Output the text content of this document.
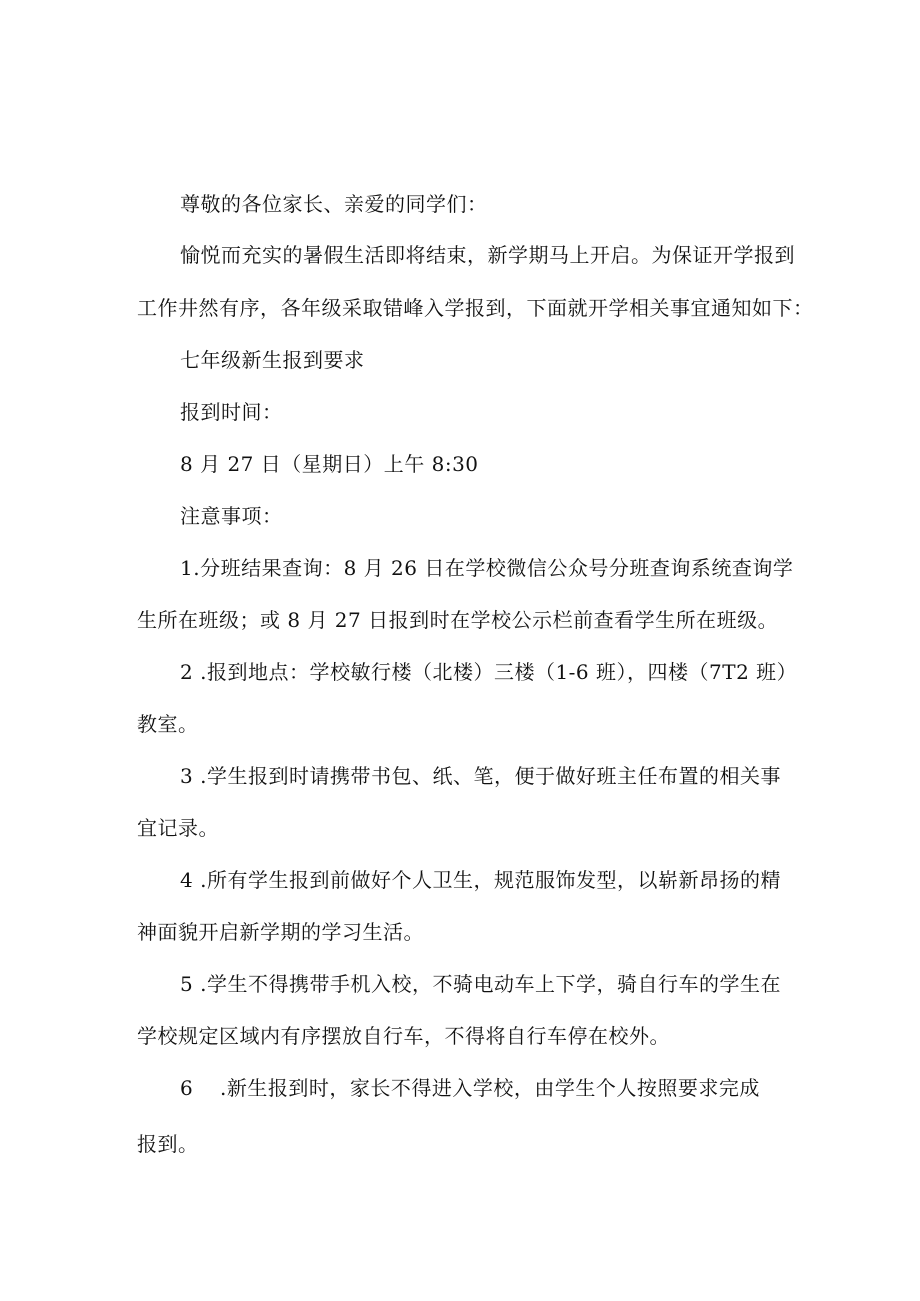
尊敬的各位家长、亲爱的同学们：
愉悦而充实的暑假生活即将结束，新学期马上开启。为保证开学报到
工作井然有序，各年级采取错峰入学报到，下面就开学相关事宜通知如下：
七年级新生报到要求
报到时间：
8 月 27 日（星期日）上午 8:30
注意事项：
1.分班结果查询：8 月 26 日在学校微信公众号分班查询系统查询学
生所在班级；或 8 月 27 日报到时在学校公示栏前查看学生所在班级。
2 .报到地点：学校敏行楼（北楼）三楼（1-6 班），四楼（7T2 班）
教室。
3 .学生报到时请携带书包、纸、笔，便于做好班主任布置的相关事
宜记录。
4 .所有学生报到前做好个人卫生，规范服饰发型，以崭新昂扬的精
神面貌开启新学期的学习生活。
5 .学生不得携带手机入校，不骑电动车上下学，骑自行车的学生在
学校规定区域内有序摆放自行车，不得将自行车停在校外。
6 .新生报到时，家长不得进入学校，由学生个人按照要求完成
报到。
